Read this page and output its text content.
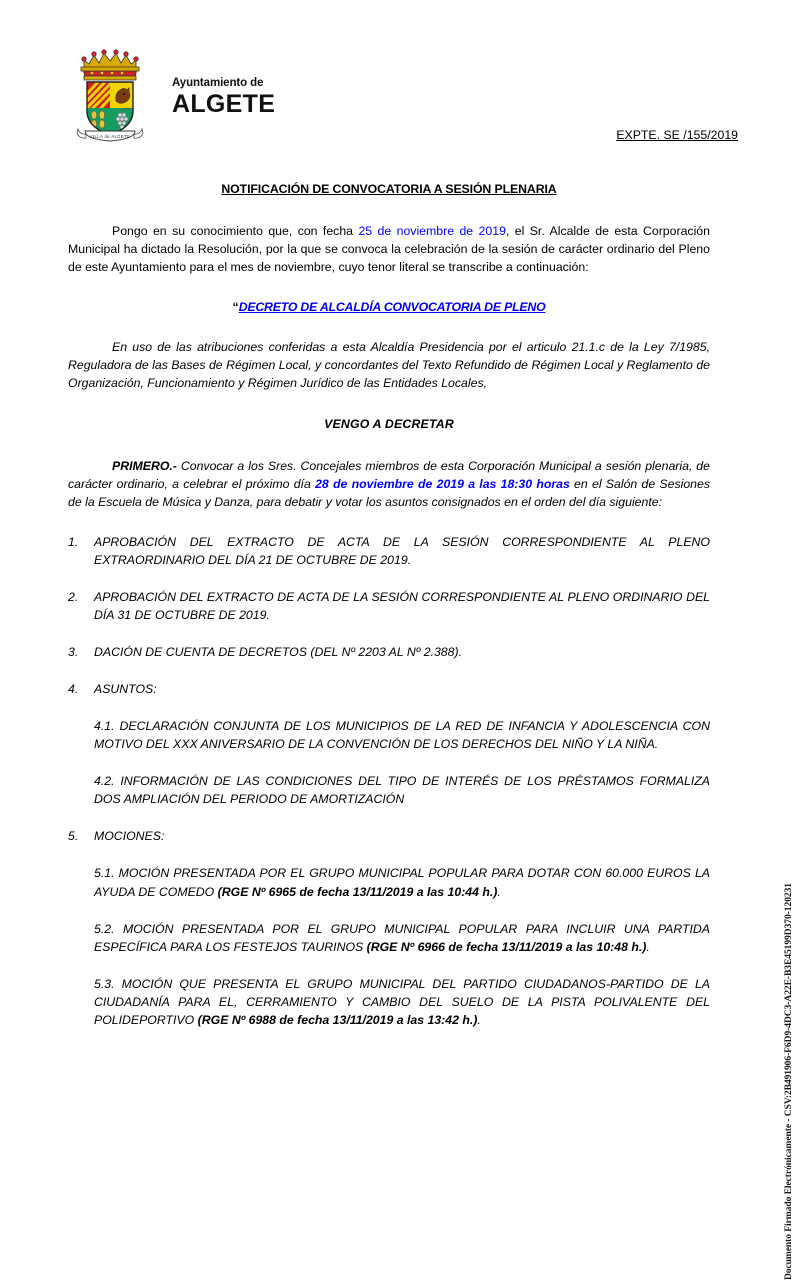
VILLA de ALGETE
Ayuntamiento de
ALGETE
EXPTE. SE /155/2019

NOTIFICACIÓN DE CONVOCATORIA A SESIÓN PLENARIA

Pongo en su conocimiento que, con fecha 25 de noviembre de 2019, el Sr. Alcalde de esta Corporación Municipal ha dictado la Resolución, por la que se convoca la celebración de la sesión de carácter ordinario del Pleno de este Ayuntamiento para el mes de noviembre, cuyo tenor literal se transcribe a continuación:

“DECRETO DE ALCALDÍA CONVOCATORIA DE PLENO

En uso de las atribuciones conferidas a esta Alcaldía Presidencia por el articulo 21.1.c de la Ley 7/1985, Reguladora de las Bases de Régimen Local, y concordantes del Texto Refundido de Régimen Local y Reglamento de Organización, Funcionamiento y Régimen Jurídico de las Entidades Locales,

VENGO A DECRETAR

PRIMERO.- Convocar a los Sres. Concejales miembros de esta Corporación Municipal a sesión plenaria, de carácter ordinario, a celebrar el próximo día 28 de noviembre de 2019 a las 18:30 horas en el Salón de Sesiones de la Escuela de Música y Danza, para debatir y votar los asuntos consignados en el orden del día siguiente:

1.	APROBACIÓN DEL EXTRACTO DE ACTA DE LA SESIÓN CORRESPONDIENTE AL PLENO EXTRAORDINARIO DEL DÍA 21 DE OCTUBRE DE 2019.
2.	APROBACIÓN DEL EXTRACTO DE ACTA DE LA SESIÓN CORRESPONDIENTE AL PLENO ORDINARIO DEL DÍA 31 DE OCTUBRE DE 2019.
3.	DACIÓN DE CUENTA DE DECRETOS (DEL Nº 2203 AL Nº 2.388).
4.	ASUNTOS:
4.1. DECLARACIÓN CONJUNTA DE LOS MUNICIPIOS DE LA RED DE INFANCIA Y ADOLESCENCIA CON MOTIVO DEL XXX ANIVERSARIO DE LA CONVENCIÓN DE LOS DERECHOS DEL NIÑO Y LA NIÑA.
4.2. INFORMACIÓN DE LAS CONDICIONES DEL TIPO DE INTERÉS DE LOS PRÉSTAMOS FORMALIZA DOS AMPLIACIÓN DEL PERIODO DE AMORTIZACIÓN
5.	MOCIONES:
5.1. MOCIÓN PRESENTADA POR EL GRUPO MUNICIPAL POPULAR PARA DOTAR CON 60.000 EUROS LA AYUDA DE COMEDO (RGE Nº 6965 de fecha 13/11/2019 a las 10:44 h.).
5.2. MOCIÓN PRESENTADA POR EL GRUPO MUNICIPAL POPULAR PARA INCLUIR UNA PARTIDA ESPECÍFICA PARA LOS FESTEJOS TAURINOS (RGE Nº 6966 de fecha 13/11/2019 a las 10:48 h.).
5.3. MOCIÓN QUE PRESENTA EL GRUPO MUNICIPAL DEL PARTIDO CIUDADANOS-PARTIDO DE LA CIUDADANÍA PARA EL, CERRAMIENTO Y CAMBIO DEL SUELO DE LA PISTA POLIVALENTE DEL POLIDEPORTIVO (RGE Nº 6988 de fecha 13/11/2019 a las 13:42 h.).	Documento Firmado Electrónicamente - CSV:2B491906-F6D9-4DC3-A22E-B3E45199D370-120231
